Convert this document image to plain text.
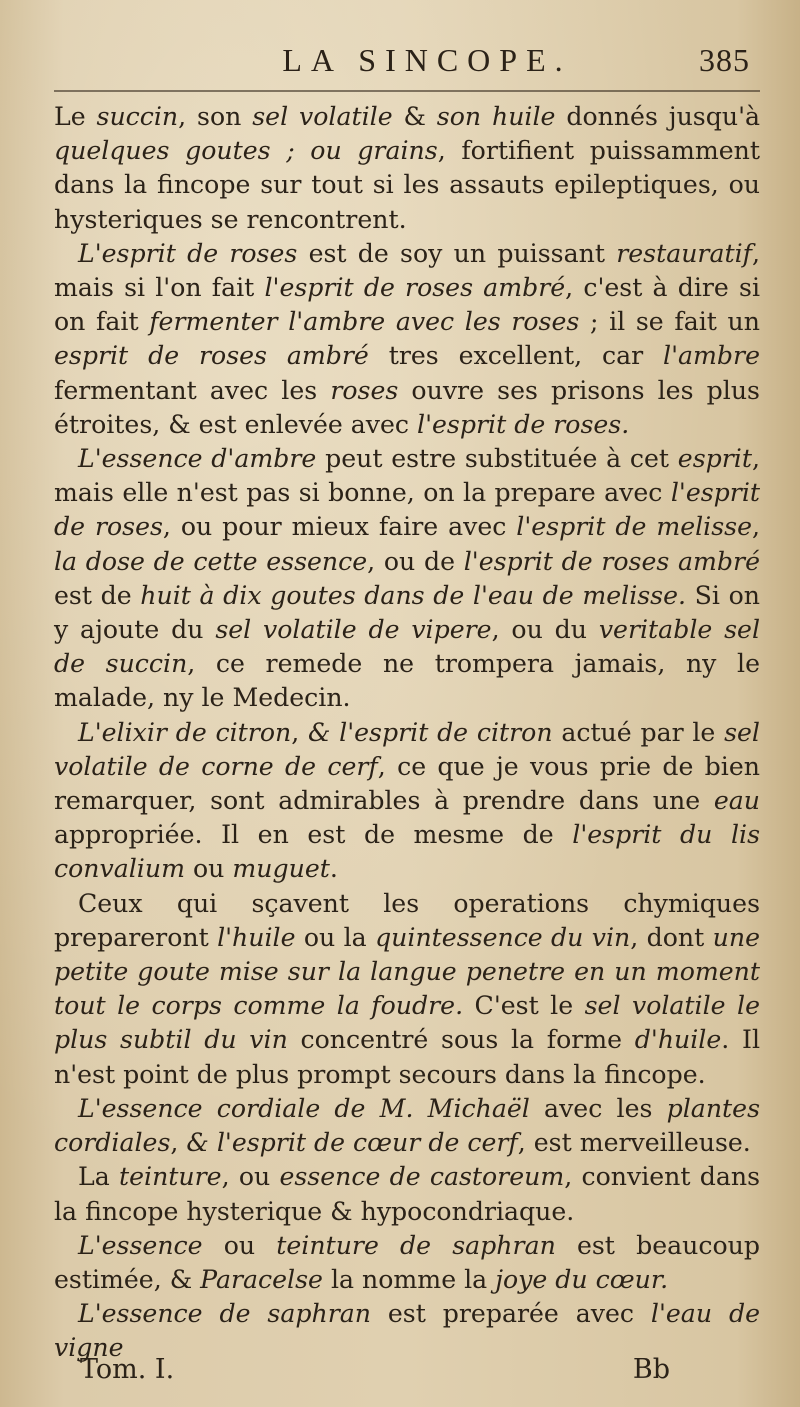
LA SINCOPE.	385

Le succin, son sel volatile & son huile donnés jusqu'à quelques goutes ; ou grains, fortifient puissamment dans la fincope sur tout si les assauts epileptiques, ou hysteriques se rencontrent.

L'esprit de roses est de soy un puissant restauratif, mais si l'on fait l'esprit de roses ambré, c'est à dire si on fait fermenter l'ambre avec les roses ; il se fait un esprit de roses ambré tres excellent, car l'ambre fermentant avec les roses ouvre ses prisons les plus étroites, & est enlevée avec l'esprit de roses.

L'essence d'ambre peut estre substituée à cet esprit, mais elle n'est pas si bonne, on la prepare avec l'esprit de roses, ou pour mieux faire avec l'esprit de melisse, la dose de cette essence, ou de l'esprit de roses ambré est de huit à dix goutes dans de l'eau de melisse. Si on y ajoute du sel volatile de vipere, ou du veritable sel de succin, ce remede ne trompera jamais, ny le malade, ny le Medecin.

L'elixir de citron, & l'esprit de citron actué par le sel volatile de corne de cerf, ce que je vous prie de bien remarquer, sont admirables à prendre dans une eau appropriée. Il en est de mesme de l'esprit du lis convalium ou muguet.

Ceux qui sçavent les operations chymiques prepareront l'huile ou la quintessence du vin, dont une petite goute mise sur la langue penetre en un moment tout le corps comme la foudre. C'est le sel volatile le plus subtil du vin concentré sous la forme d'huile. Il n'est point de plus prompt secours dans la fincope.

L'essence cordiale de M. Michaël avec les plantes cordiales, & l'esprit de cœur de cerf, est merveilleuse.

La teinture, ou essence de castoreum, convient dans la fincope hysterique & hypocondriaque.

L'essence ou teinture de saphran est beaucoup estimée, & Paracelse la nomme la joye du cœur.

L'essence de saphran est preparée avec l'eau de vigne

Tom. I.	Bb
